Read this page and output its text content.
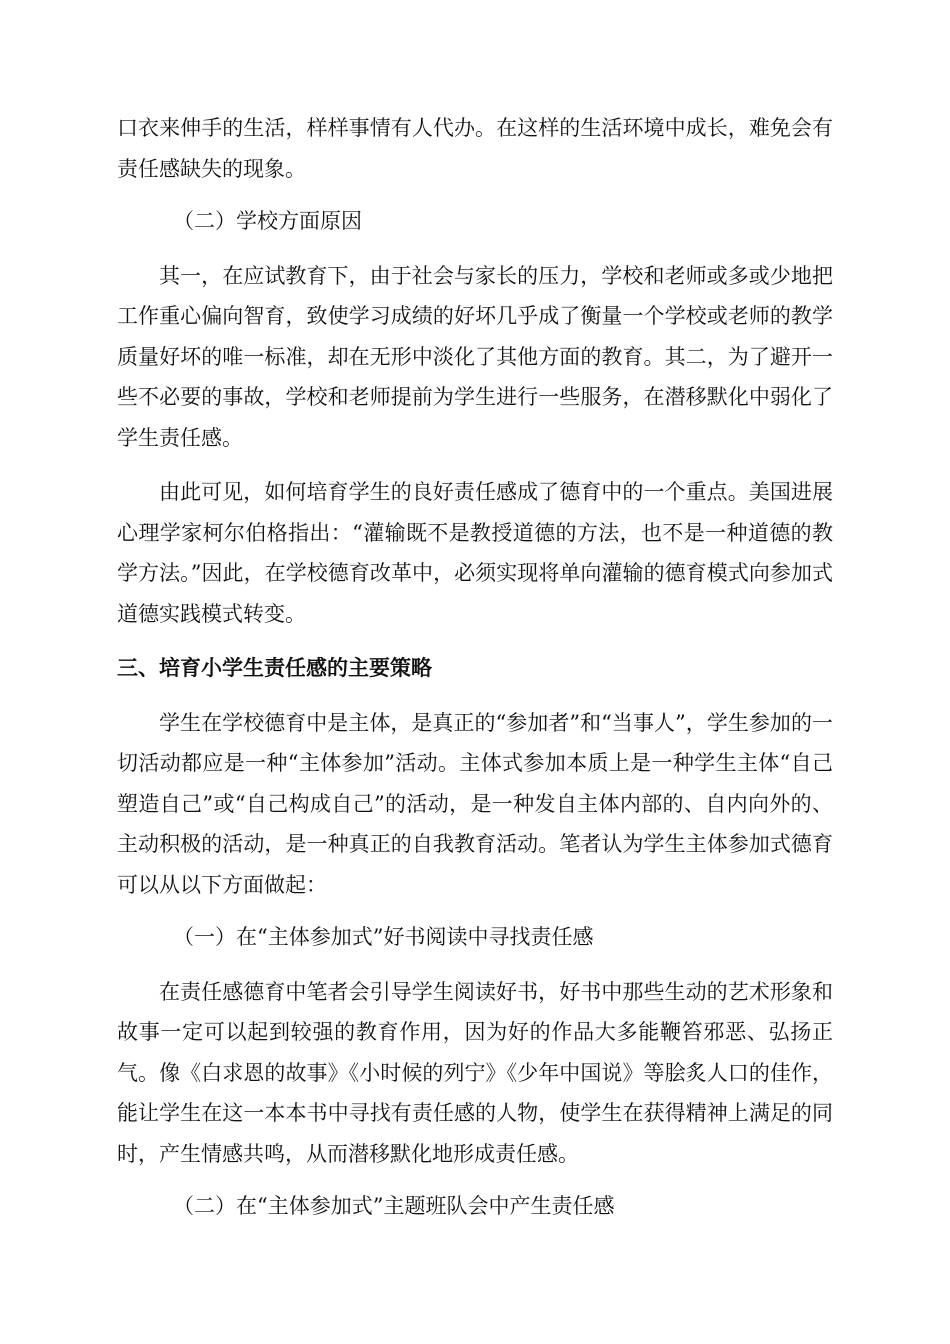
口衣来伸手的生活，样样事情有人代办。在这样的生活环境中成长，难免会有责任感缺失的现象。

（二）学校方面原因

其一，在应试教育下，由于社会与家长的压力，学校和老师或多或少地把工作重心偏向智育，致使学习成绩的好坏几乎成了衡量一个学校或老师的教学质量好坏的唯一标准，却在无形中淡化了其他方面的教育。其二，为了避开一些不必要的事故，学校和老师提前为学生进行一些服务，在潜移默化中弱化了学生责任感。

由此可见，如何培育学生的良好责任感成了德育中的一个重点。美国进展心理学家柯尔伯格指出：“灌输既不是教授道德的方法，也不是一种道德的教学方法。”因此，在学校德育改革中，必须实现将单向灌输的德育模式向参加式道德实践模式转变。

三、培育小学生责任感的主要策略

学生在学校德育中是主体，是真正的“参加者”和“当事人”，学生参加的一切活动都应是一种“主体参加”活动。主体式参加本质上是一种学生主体“自己塑造自己”或“自己构成自己”的活动，是一种发自主体内部的、自内向外的、主动积极的活动，是一种真正的自我教育活动。笔者认为学生主体参加式德育可以从以下方面做起：

（一）在“主体参加式”好书阅读中寻找责任感

在责任感德育中笔者会引导学生阅读好书，好书中那些生动的艺术形象和故事一定可以起到较强的教育作用，因为好的作品大多能鞭笞邪恶、弘扬正气。像《白求恩的故事》《小时候的列宁》《少年中国说》等脍炙人口的佳作，能让学生在这一本本书中寻找有责任感的人物，使学生在获得精神上满足的同时，产生情感共鸣，从而潜移默化地形成责任感。

（二）在“主体参加式”主题班队会中产生责任感
